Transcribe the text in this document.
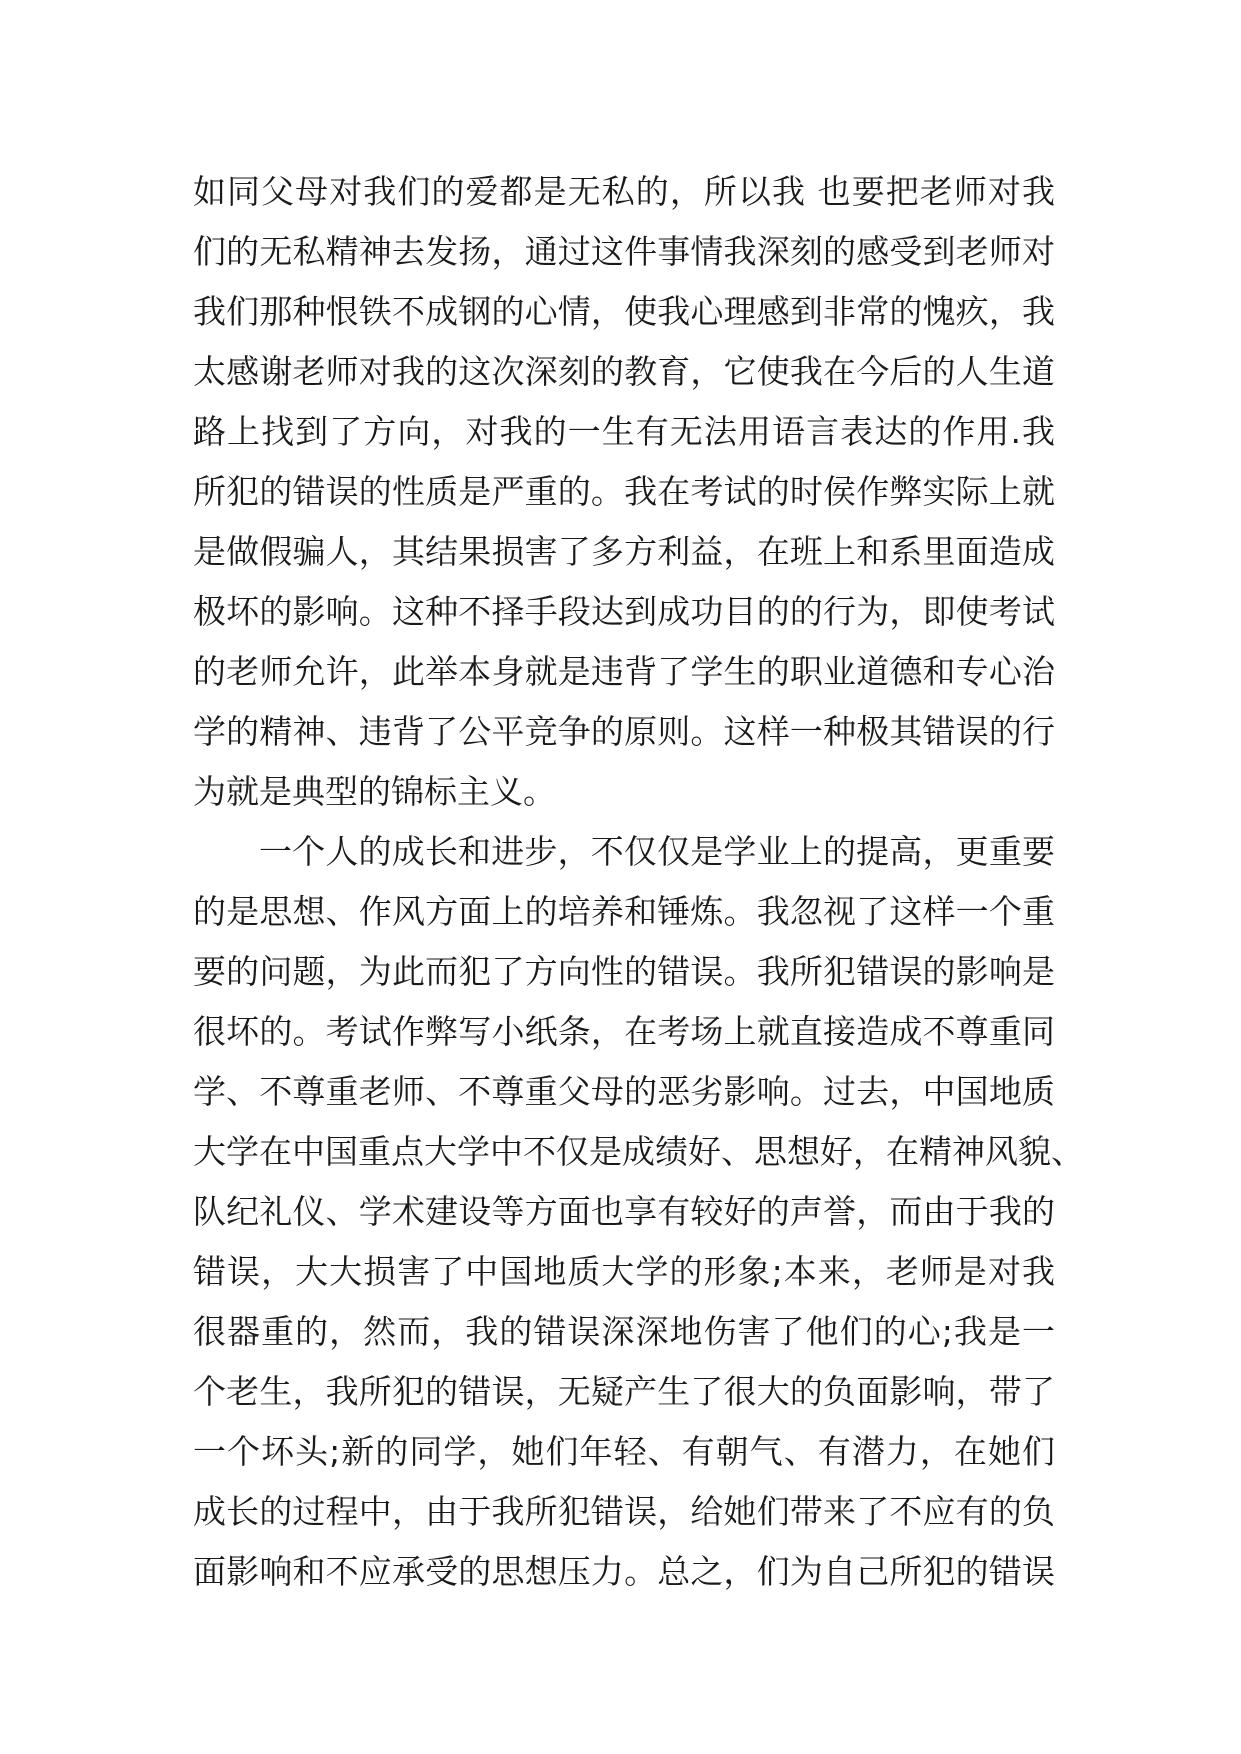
如同父母对我们的爱都是无私的，所以我 也要把老师对我
们的无私精神去发扬，通过这件事情我深刻的感受到老师对
我们那种恨铁不成钢的心情，使我心理感到非常的愧疚，我
太感谢老师对我的这次深刻的教育，它使我在今后的人生道
路上找到了方向，对我的一生有无法用语言表达的作用.我
所犯的错误的性质是严重的。我在考试的时侯作弊实际上就
是做假骗人，其结果损害了多方利益，在班上和系里面造成
极坏的影响。这种不择手段达到成功目的的行为，即使考试
的老师允许，此举本身就是违背了学生的职业道德和专心治
学的精神、违背了公平竞争的原则。这样一种极其错误的行
为就是典型的锦标主义。
一个人的成长和进步，不仅仅是学业上的提高，更重要
的是思想、作风方面上的培养和锤炼。我忽视了这样一个重
要的问题，为此而犯了方向性的错误。我所犯错误的影响是
很坏的。考试作弊写小纸条，在考场上就直接造成不尊重同
学、不尊重老师、不尊重父母的恶劣影响。过去，中国地质
大学在中国重点大学中不仅是成绩好、思想好，在精神风貌、
队纪礼仪、学术建设等方面也享有较好的声誉，而由于我的
错误，大大损害了中国地质大学的形象;本来，老师是对我
很器重的，然而，我的错误深深地伤害了他们的心;我是一
个老生，我所犯的错误，无疑产生了很大的负面影响，带了
一个坏头;新的同学，她们年轻、有朝气、有潜力，在她们
成长的过程中，由于我所犯错误，给她们带来了不应有的负
面影响和不应承受的思想压力。总之，们为自己所犯的错误
